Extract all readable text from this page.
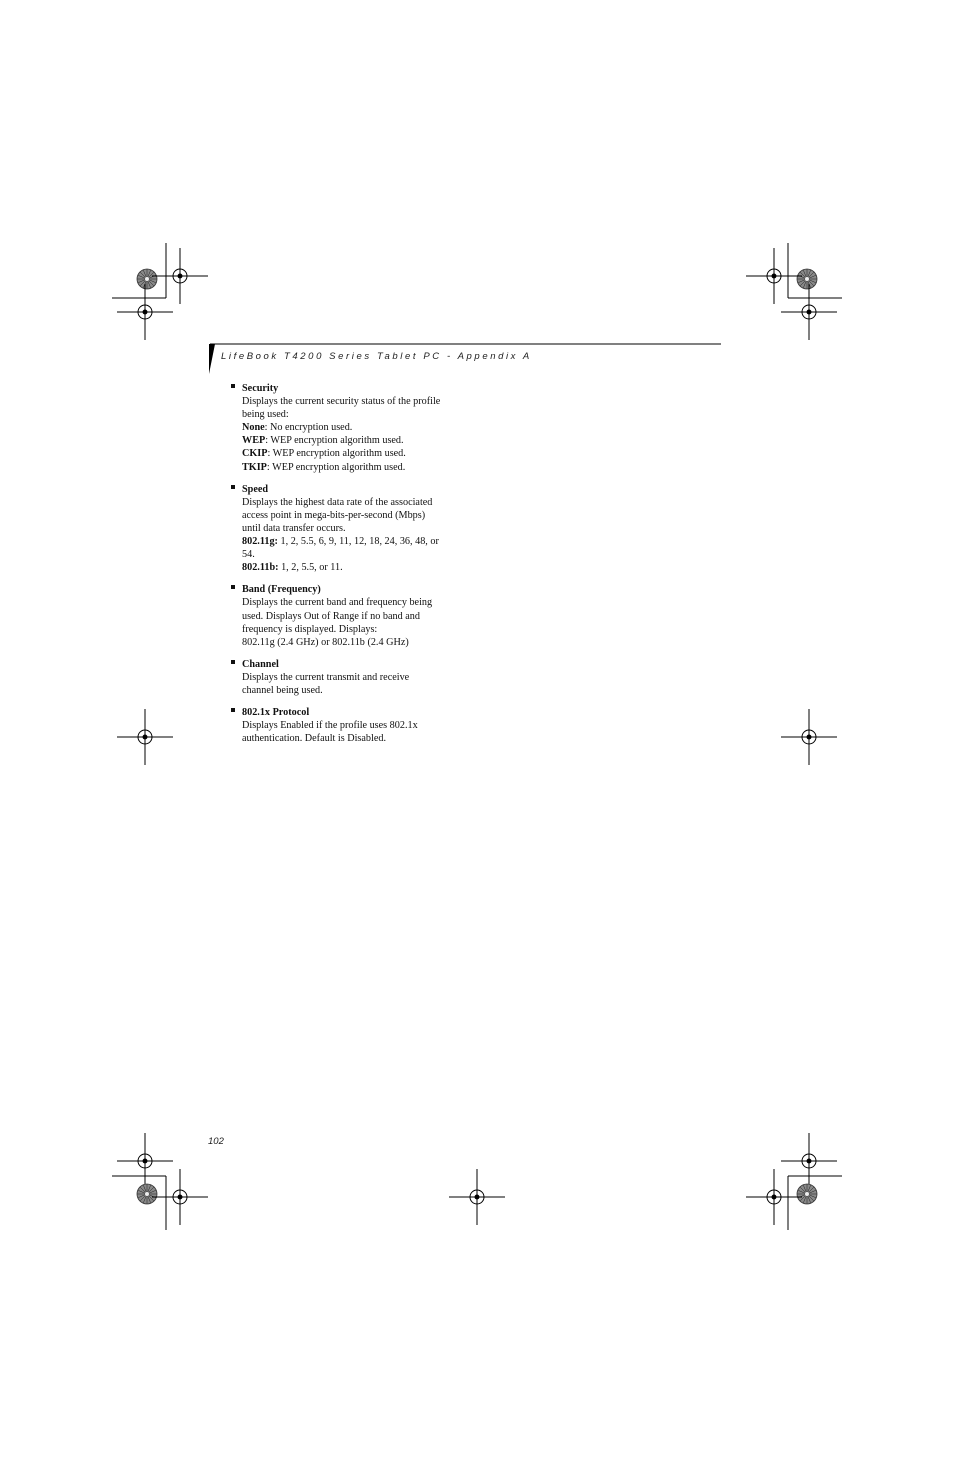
LifeBook T4200 Series Tablet PC - Appendix A
Security
Displays the current security status of the profile
being used:
None: No encryption used.
WEP: WEP encryption algorithm used.
CKIP: WEP encryption algorithm used.
TKIP: WEP encryption algorithm used.
Speed
Displays the highest data rate of the associated
access point in mega-bits-per-second (Mbps)
until data transfer occurs.
802.11g: 1, 2, 5.5, 6, 9, 11, 12, 18, 24, 36, 48, or
54.
802.11b: 1, 2, 5.5, or 11.
Band (Frequency)
Displays the current band and frequency being
used. Displays Out of Range if no band and
frequency is displayed. Displays:
802.11g (2.4 GHz) or 802.11b (2.4 GHz)
Channel
Displays the current transmit and receive
channel being used.
802.1x Protocol
Displays Enabled if the profile uses 802.1x
authentication. Default is Disabled.
102
